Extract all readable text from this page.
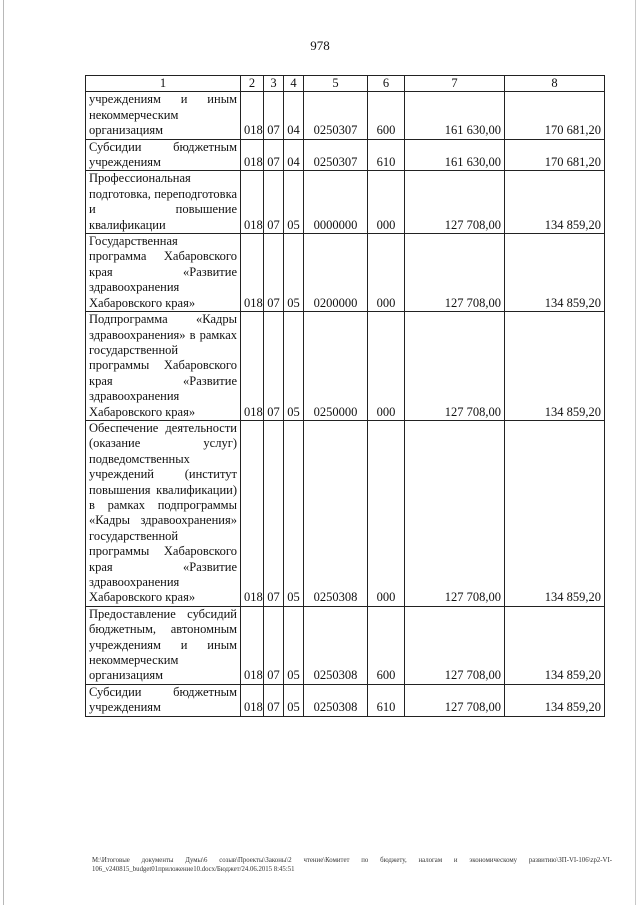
978
1	2	3	4	5	6	7	8
учреждениям и иным некоммерческим организациям	018	07	04	0250307	600	161 630,00	170 681,20
Субсидии бюджетным учреждениям	018	07	04	0250307	610	161 630,00	170 681,20
Профессиональная подготовка, переподготовка и повышение квалификации	018	07	05	0000000	000	127 708,00	134 859,20
Государственная программа Хабаровского края «Развитие здравоохранения Хабаровского края»	018	07	05	0200000	000	127 708,00	134 859,20
Подпрограмма «Кадры здравоохранения» в рамках государственной программы Хабаровского края «Развитие здравоохранения Хабаровского края»	018	07	05	0250000	000	127 708,00	134 859,20
Обеспечение деятельности (оказание услуг) подведомственных учреждений (институт повышения квалификации) в рамках подпрограммы «Кадры здравоохранения» государственной программы Хабаровского края «Развитие здравоохранения Хабаровского края»	018	07	05	0250308	000	127 708,00	134 859,20
Предоставление субсидий бюджетным, автономным учреждениям и иным некоммерческим организациям	018	07	05	0250308	600	127 708,00	134 859,20
Субсидии бюджетным учреждениям	018	07	05	0250308	610	127 708,00	134 859,20
M:\Итоговые документы Думы\6 созыв\Проекты\Законы\2 чтение\Комитет по бюджету, налогам и экономическому развитию\ЗП-VI-106\zp2-VI-106_v240815_budget01приложение10.docx/Бюджет/24.06.2015 8:45:51
